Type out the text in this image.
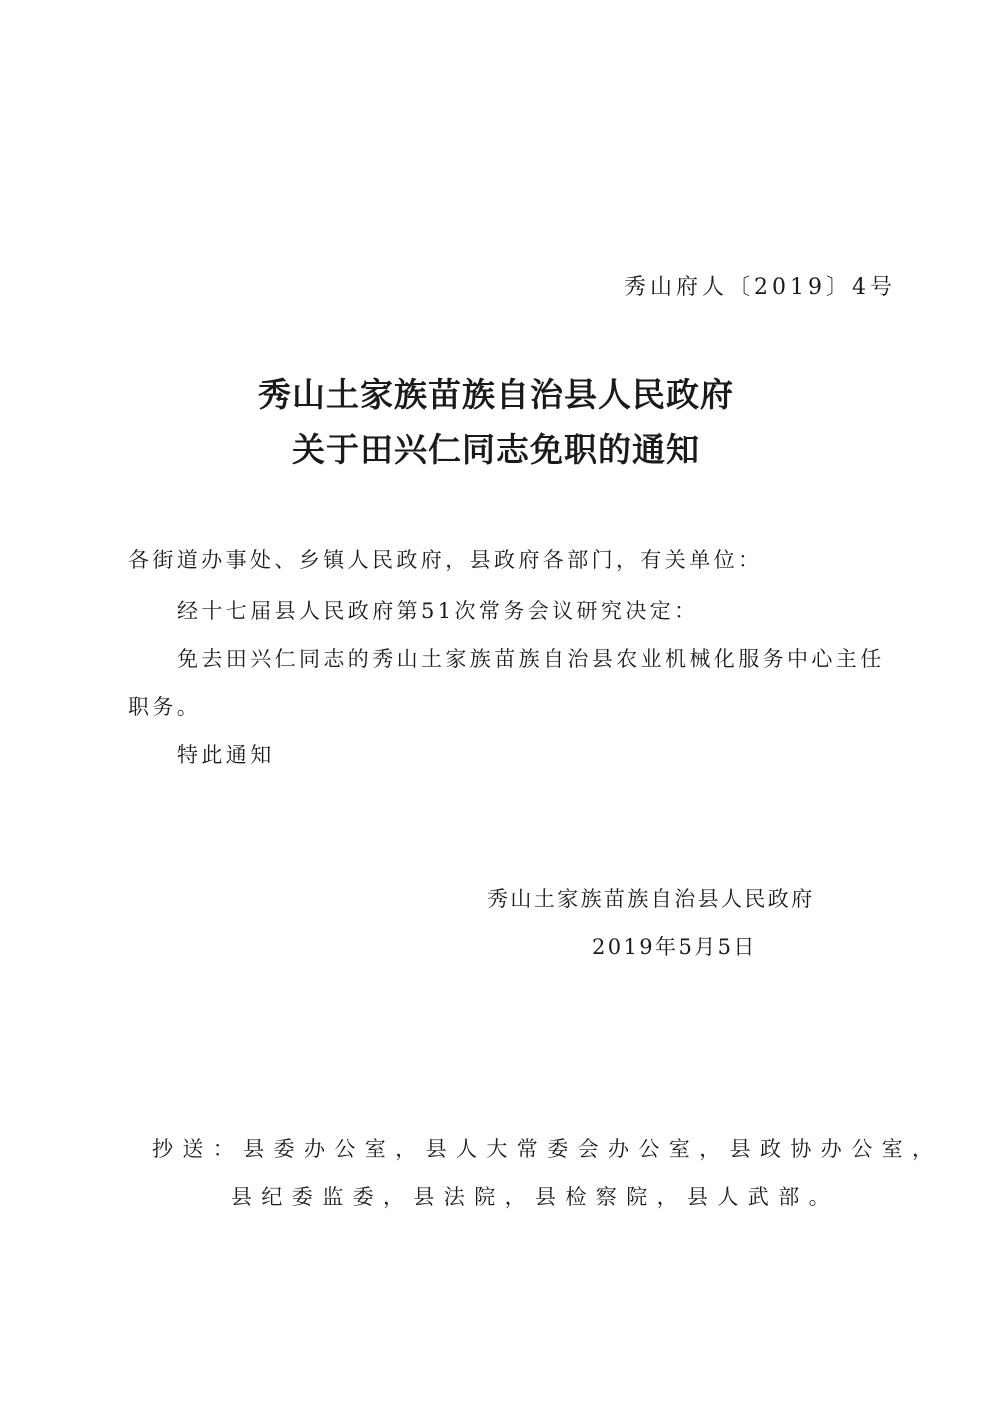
秀山府人〔2019〕4号
秀山土家族苗族自治县人民政府
关于田兴仁同志免职的通知
各街道办事处、乡镇人民政府，县政府各部门，有关单位：
经十七届县人民政府第51次常务会议研究决定：
免去田兴仁同志的秀山土家族苗族自治县农业机械化服务中心主任
职务。
特此通知
秀山土家族苗族自治县人民政府
2019年5月5日
抄送：县委办公室，县人大常委会办公室，县政协办公室，
县纪委监委，县法院，县检察院，县人武部。
